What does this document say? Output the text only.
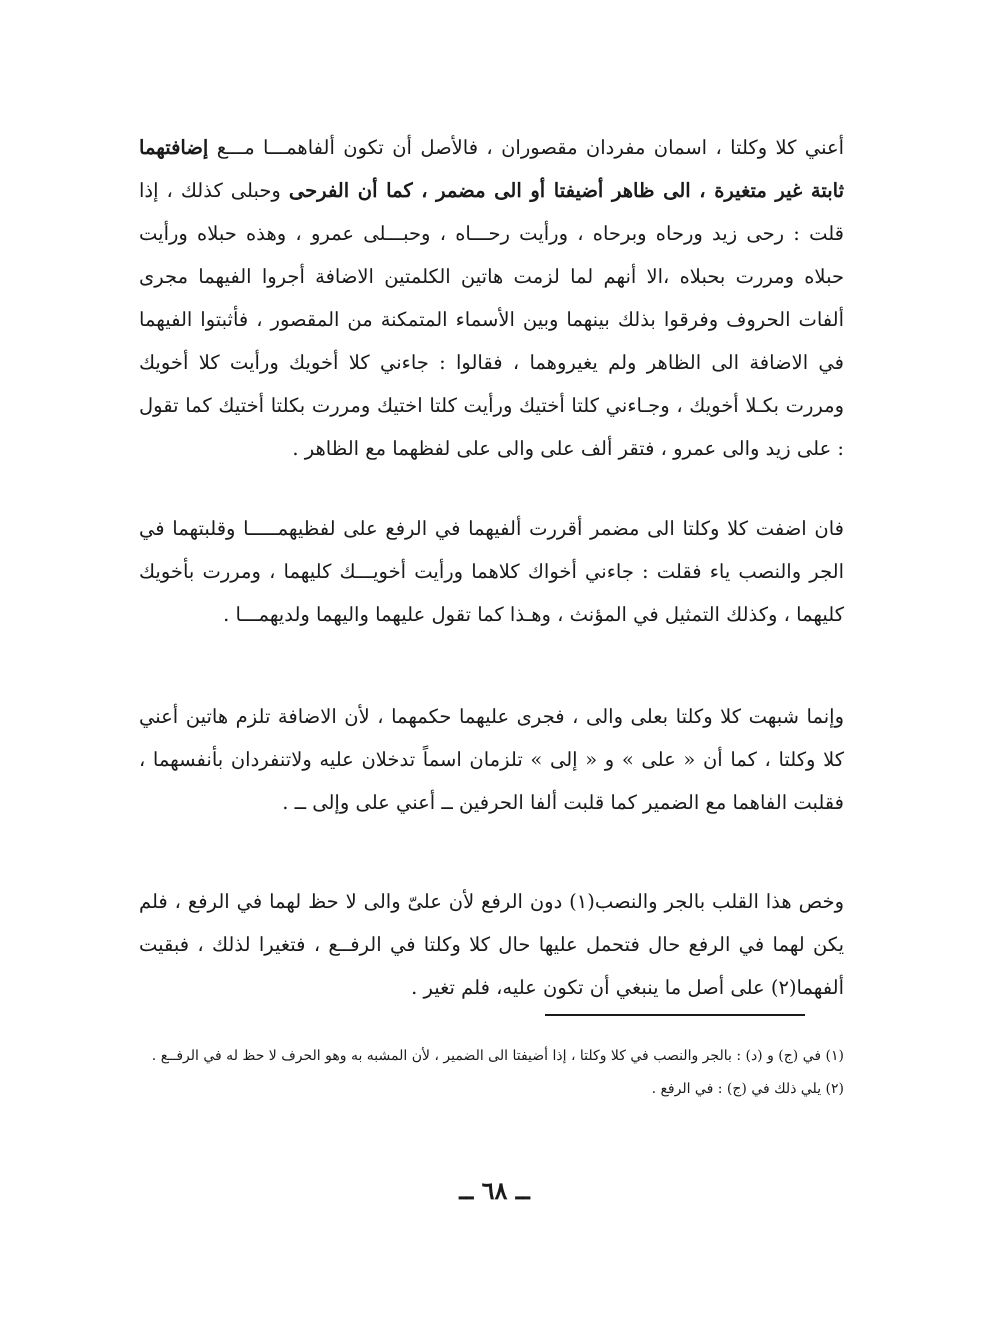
أعني كلا وكلتا ، اسمان مفردان مقصوران ، فالأصل أن تكون ألفاهمـــا مـــع إضافتهما ثابتة غير متغيرة ، الى ظاهر أضيفتا أو الى مضمر ، كما أن الفرحى وحبلى كذلك ، إذا قلت : رحى زيد ورحاه وبرحاه ، ورأيت رحـــاه ، وحبـــلى عمرو ، وهذه حبلاه ورأيت حبلاه ومررت بحبلاه ،الا أنهم لما لزمت هاتين الكلمتين الاضافة أجروا الفيهما مجرى ألفات الحروف وفرقوا بذلك بينهما وبين الأسماء المتمكنة من المقصور ، فأثبتوا الفيهما في الاضافة الى الظاهر ولم يغيروهما ، فقالوا : جاءني كلا أخويك ورأيت كلا أخويك ومررت بكـلا أخويك ، وجـاءني كلتا أختيك ورأيت كلتا اختيك ومررت بكلتا أختيك كما تقول : على زيد والى عمرو ، فتقر ألف على والى على لفظهما مع الظاهر .

فان اضفت كلا وكلتا الى مضمر أقررت ألفيهما في الرفع على لفظيهمـــــا وقلبتهما في الجر والنصب ياء فقلت : جاءني أخواك كلاهما ورأيت أخويـــك كليهما ، ومررت بأخويك كليهما ، وكذلك التمثيل في المؤنث ، وهـذا كما تقول عليهما واليهما ولديهمـــا .

وإنما شبهت كلا وكلتا بعلى والى ، فجرى عليهما حكمهما ، لأن الاضافة تلزم هاتين أعني كلا وكلتا ، كما أن « على » و « إلى » تلزمان اسماً تدخلان عليه ولاتنفردان بأنفسهما ، فقلبت الفاهما مع الضمير كما قلبت ألفا الحرفين ــ أعني على وإلى ــ .

وخص هذا القلب بالجر والنصب(١) دون الرفع لأن علىّ والى لا حظ لهما في الرفع ، فلم يكن لهما في الرفع حال فتحمل عليها حال كلا وكلتا في الرفــع ، فتغيرا لذلك ، فبقيت ألفهما(٢) على أصل ما ينبغي أن تكون عليه، فلم تغير .

(١) في (ج) و (د) : بالجر والنصب في كلا وكلتا ، إذا أضيفتا الى الضمير ، لأن المشبه به وهو الحرف لا حظ له في الرفــع .

(٢) يلي ذلك في (ج) : في الرفع .

ــ ٦٨ ــ
